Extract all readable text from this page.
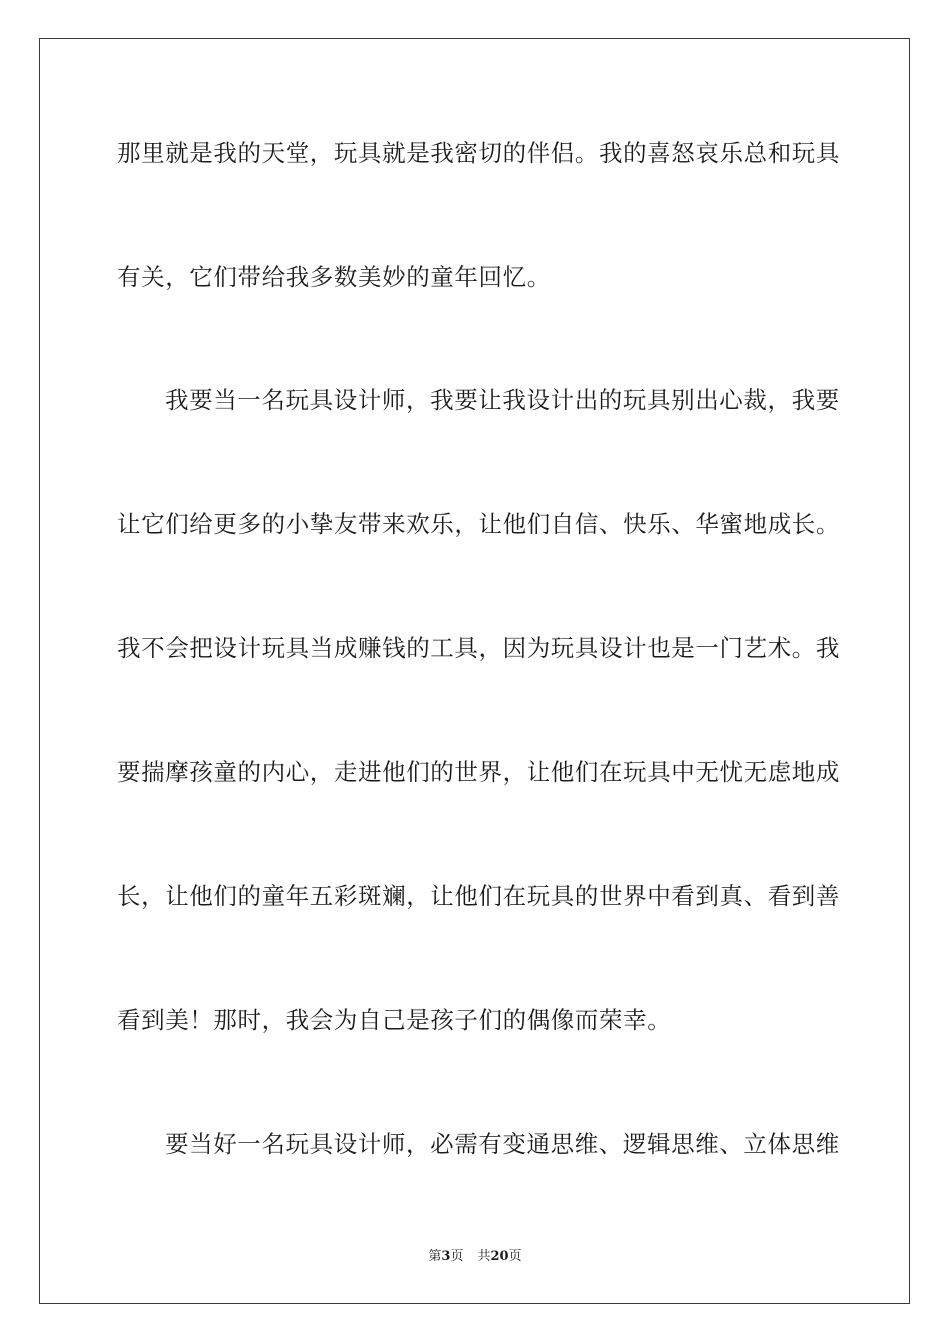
那里就是我的天堂，玩具就是我密切的伴侣。我的喜怒哀乐总和玩具
有关，它们带给我多数美妙的童年回忆。
我要当一名玩具设计师，我要让我设计出的玩具别出心裁，我要
让它们给更多的小挚友带来欢乐，让他们自信、快乐、华蜜地成长。
我不会把设计玩具当成赚钱的工具，因为玩具设计也是一门艺术。我
要揣摩孩童的内心，走进他们的世界，让他们在玩具中无忧无虑地成
长，让他们的童年五彩斑斓，让他们在玩具的世界中看到真、看到善
看到美！那时，我会为自己是孩子们的偶像而荣幸。
要当好一名玩具设计师，必需有变通思维、逻辑思维、立体思维
第3页 共20页
